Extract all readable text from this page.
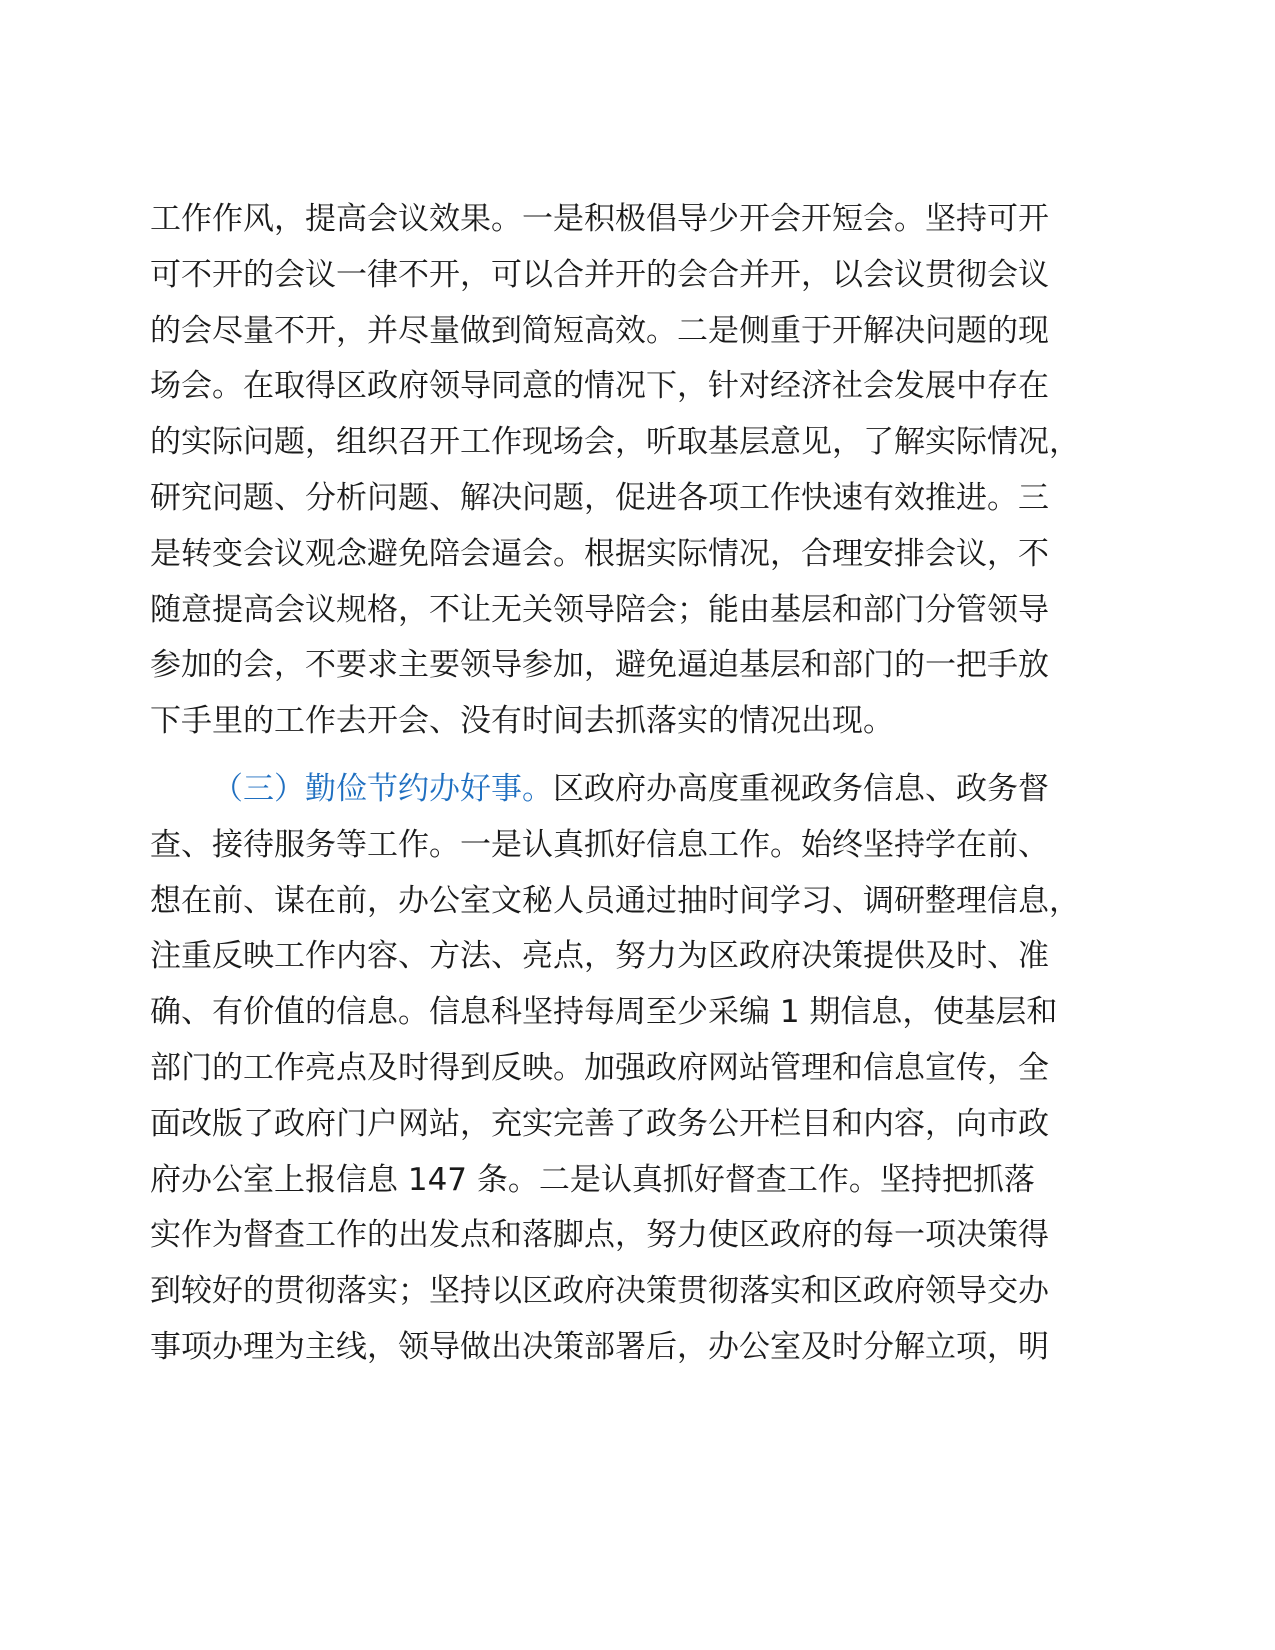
工作作风，提高会议效果。一是积极倡导少开会开短会。坚持可开
可不开的会议一律不开，可以合并开的会合并开，以会议贯彻会议
的会尽量不开，并尽量做到简短高效。二是侧重于开解决问题的现
场会。在取得区政府领导同意的情况下，针对经济社会发展中存在
的实际问题，组织召开工作现场会，听取基层意见，了解实际情况，
研究问题、分析问题、解决问题，促进各项工作快速有效推进。三
是转变会议观念避免陪会逼会。根据实际情况，合理安排会议，不
随意提高会议规格，不让无关领导陪会；能由基层和部门分管领导
参加的会，不要求主要领导参加，避免逼迫基层和部门的一把手放
下手里的工作去开会、没有时间去抓落实的情况出现。
（三）勤俭节约办好事。区政府办高度重视政务信息、政务督
查、接待服务等工作。一是认真抓好信息工作。始终坚持学在前、
想在前、谋在前，办公室文秘人员通过抽时间学习、调研整理信息，
注重反映工作内容、方法、亮点，努力为区政府决策提供及时、准
确、有价值的信息。信息科坚持每周至少采编 1 期信息，使基层和
部门的工作亮点及时得到反映。加强政府网站管理和信息宣传，全
面改版了政府门户网站，充实完善了政务公开栏目和内容，向市政
府办公室上报信息 147 条。二是认真抓好督查工作。坚持把抓落
实作为督查工作的出发点和落脚点，努力使区政府的每一项决策得
到较好的贯彻落实；坚持以区政府决策贯彻落实和区政府领导交办
事项办理为主线，领导做出决策部署后，办公室及时分解立项，明
